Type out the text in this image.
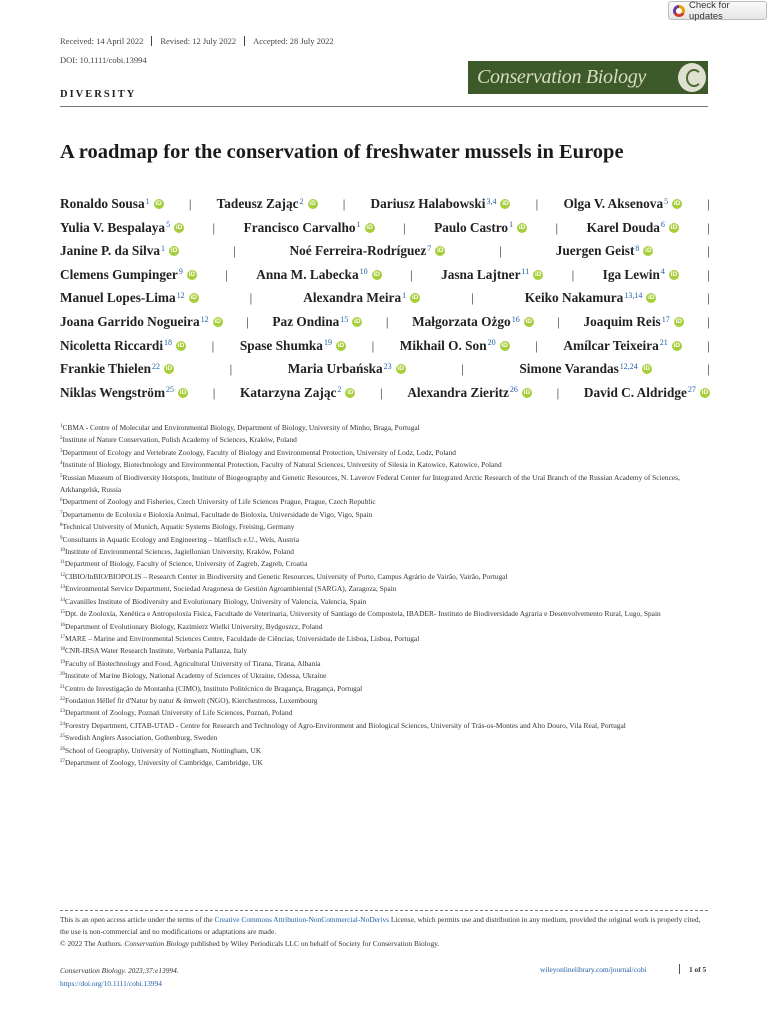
Check for updates
Received: 14 April 2022	Revised: 12 July 2022	Accepted: 28 July 2022
DOI: 10.1111/cobi.13994
DIVERSITY
Conservation Biology
A roadmap for the conservation of freshwater mussels in Europe
Ronaldo Sousa$^1$ iD | Tadeusz Zając$^2$ iD | Dariusz Halabowski$^{3,4}$ iD | Olga V. Aksenova$^5$ iD |
Yulia V. Bespalaya$^5$ iD | Francisco Carvalho$^1$ iD | Paulo Castro$^1$ iD | Karel Douda$^6$ iD |
Janine P. da Silva$^1$ iD	|	Noé Ferreira-Rodríguez$^7$ iD	|	Juergen Geist$^8$ iD	|
Clemens Gumpinger$^9$ iD | Anna M. Labecka$^{10}$ iD | Jasna Lajtner$^{11}$ iD | Iga Lewin$^4$ iD |
Manuel Lopes-Lima$^{12}$ iD	|	Alexandra Meira$^1$ iD	|	Keiko Nakamura$^{13,14}$ iD	|
Joana Garrido Nogueira$^{12}$ iD | Paz Ondina$^{15}$ iD | Małgorzata Ożgo$^{16}$ iD | Joaquim Reis$^{17}$ iD |
Nicoletta Riccardi$^{18}$ iD | Spase Shumka$^{19}$ iD | Mikhail O. Son$^{20}$ iD | Amílcar Teixeira$^{21}$ iD |
Frankie Thielen$^{22}$ iD	|	Maria Urbańska$^{23}$ iD	|	Simone Varandas$^{12,24}$ iD	|
Niklas Wengström$^{25}$ iD | Katarzyna Zając$^2$ iD | Alexandra Zieritz$^{26}$ iD | David C. Aldridge$^{27}$ iD
$^1$CBMA - Centre of Molecular and Environmental Biology, Department of Biology, University of Minho, Braga, Portugal
$^2$Institute of Nature Conservation, Polish Academy of Sciences, Kraków, Poland
$^3$Department of Ecology and Vertebrate Zoology, Faculty of Biology and Environmental Protection, University of Lodz, Lodz, Poland
$^4$Institute of Biology, Biotechnology and Environmental Protection, Faculty of Natural Sciences, University of Silesia in Katowice, Katowice, Poland
$^5$Russian Museum of Biodiversity Hotspots, Institute of Biogeography and Genetic Resources, N. Laverov Federal Center for Integrated Arctic Research of the Ural Branch of the Russian Academy of Sciences, Arkhangelsk, Russia
$^6$Department of Zoology and Fisheries, Czech University of Life Sciences Prague, Prague, Czech Republic
$^7$Departamento de Ecoloxía e Bioloxía Animal, Facultade de Bioloxía, Universidade de Vigo, Vigo, Spain
$^8$Technical University of Munich, Aquatic Systems Biology, Freising, Germany
$^9$Consultants in Aquatic Ecology and Engineering – blattfisch e.U., Wels, Austria
$^{10}$Institute of Environmental Sciences, Jagiellonian University, Kraków, Poland
$^{11}$Department of Biology, Faculty of Science, University of Zagreb, Zagreb, Croatia
$^{12}$CIBIO/InBIO/BIOPOLIS – Research Center in Biodiversity and Genetic Resources, University of Porto, Campus Agrário de Vairão, Vairão, Portugal
$^{13}$Environmental Service Department, Sociedad Aragonesa de Gestión Agroambiental (SARGA), Zaragoza, Spain
$^{14}$Cavanilles Institute of Biodiversity and Evolutionary Biology, University of Valencia, Valencia, Spain
$^{15}$Dpt. de Zooloxía, Xenética e Antropoloxía Física, Facultade de Veterinaria, University of Santiago de Compostela, IBADER- Instituto de Biodiversidade Agraria e Desenvolvemento Rural, Lugo, Spain
$^{16}$Department of Evolutionary Biology, Kazimierz Wielki University, Bydgoszcz, Poland
$^{17}$MARE – Marine and Environmental Sciences Centre, Faculdade de Ciências, Universidade de Lisboa, Lisboa, Portugal
$^{18}$CNR-IRSA Water Research Institute, Verbania Pallanza, Italy
$^{19}$Faculty of Biotechnology and Food, Agricultural University of Tirana, Tirana, Albania
$^{20}$Institute of Marine Biology, National Academy of Sciences of Ukraine, Odessa, Ukraine
$^{21}$Centro de Investigação de Montanha (CIMO), Instituto Politécnico de Bragança, Bragança, Portugal
$^{22}$Fondation Hëllef fir d'Natur by natur & ëmwelt (NGO), Kierchestrooss, Luxembourg
$^{23}$Department of Zoology, Poznań University of Life Sciences, Poznań, Poland
$^{24}$Forestry Department, CITAB-UTAD - Centre for Research and Technology of Agro-Environment and Biological Sciences, University of Trás-os-Montes and Alto Douro, Vila Real, Portugal
$^{25}$Swedish Anglers Association, Gothenburg, Sweden
$^{26}$School of Geography, University of Nottingham, Nottingham, UK
$^{27}$Department of Zoology, University of Cambridge, Cambridge, UK
This is an open access article under the terms of the Creative Commons Attribution-NonCommercial-NoDerivs License, which permits use and distribution in any medium, provided the original work is properly cited, the use is non-commercial and no modifications or adaptations are made.
© 2022 The Authors. Conservation Biology published by Wiley Periodicals LLC on behalf of Society for Conservation Biology.
Conservation Biology. 2023;37:e13994.
https://doi.org/10.1111/cobi.13994
wileyonlinelibrary.com/journal/cobi	1 of 5
